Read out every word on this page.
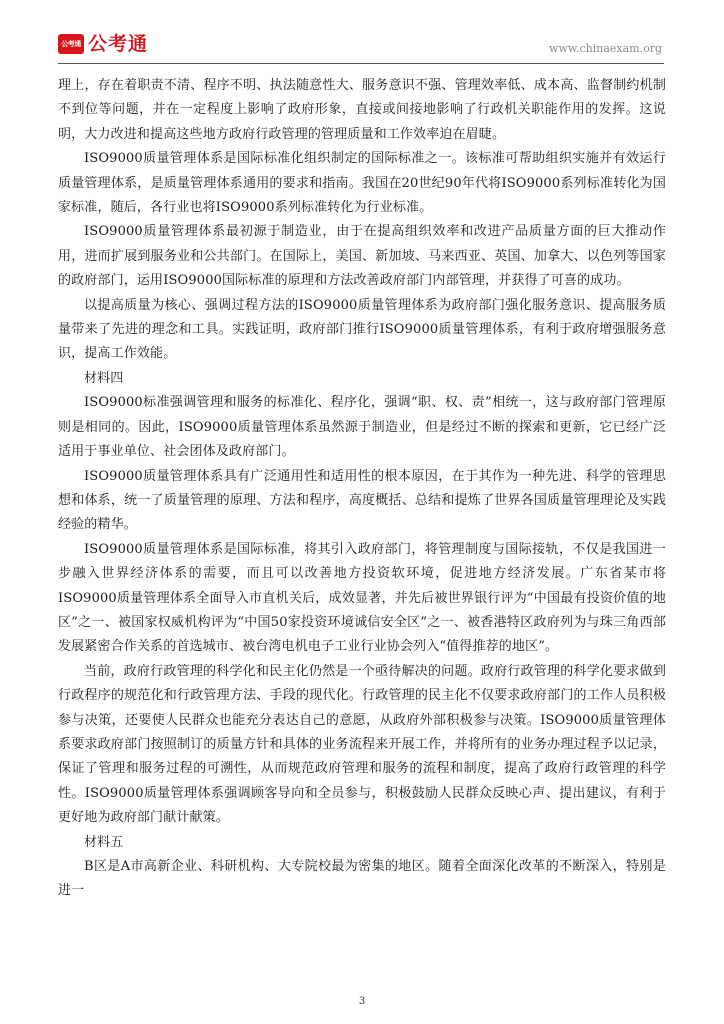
公考通 公考通	www.chinaexam.org

理上，存在着职责不清、程序不明、执法随意性大、服务意识不强、管理效率低、成本高、监督制约机制不到位等问题，并在一定程度上影响了政府形象，直接或间接地影响了行政机关职能作用的发挥。这说明，大力改进和提高这些地方政府行政管理的管理质量和工作效率迫在眉睫。

ISO9000质量管理体系是国际标准化组织制定的国际标准之一。该标准可帮助组织实施并有效运行质量管理体系，是质量管理体系通用的要求和指南。我国在20世纪90年代将ISO9000系列标准转化为国家标准，随后，各行业也将ISO9000系列标准转化为行业标准。

ISO9000质量管理体系最初源于制造业，由于在提高组织效率和改进产品质量方面的巨大推动作用，进而扩展到服务业和公共部门。在国际上，美国、新加坡、马来西亚、英国、加拿大、以色列等国家的政府部门，运用ISO9000国际标准的原理和方法改善政府部门内部管理，并获得了可喜的成功。

以提高质量为核心、强调过程方法的ISO9000质量管理体系为政府部门强化服务意识、提高服务质量带来了先进的理念和工具。实践证明，政府部门推行ISO9000质量管理体系，有利于政府增强服务意识，提高工作效能。

材料四

ISO9000标准强调管理和服务的标准化、程序化，强调“职、权、责”相统一，这与政府部门管理原则是相同的。因此，ISO9000质量管理体系虽然源于制造业，但是经过不断的探索和更新，它已经广泛适用于事业单位、社会团体及政府部门。

ISO9000质量管理体系具有广泛通用性和适用性的根本原因，在于其作为一种先进、科学的管理思想和体系，统一了质量管理的原理、方法和程序，高度概括、总结和提炼了世界各国质量管理理论及实践经验的精华。

ISO9000质量管理体系是国际标准，将其引入政府部门，将管理制度与国际接轨，不仅是我国进一步融入世界经济体系的需要，而且可以改善地方投资软环境，促进地方经济发展。广东省某市将ISO9000质量管理体系全面导入市直机关后，成效显著，并先后被世界银行评为“中国最有投资价值的地区”之一、被国家权威机构评为“中国50家投资环境诚信安全区”之一、被香港特区政府列为与珠三角西部发展紧密合作关系的首选城市、被台湾电机电子工业行业协会列入“值得推荐的地区”。

当前，政府行政管理的科学化和民主化仍然是一个亟待解决的问题。政府行政管理的科学化要求做到行政程序的规范化和行政管理方法、手段的现代化。行政管理的民主化不仅要求政府部门的工作人员积极参与决策，还要使人民群众也能充分表达自己的意愿，从政府外部积极参与决策。ISO9000质量管理体系要求政府部门按照制订的质量方针和具体的业务流程来开展工作，并将所有的业务办理过程予以记录，保证了管理和服务过程的可溯性，从而规范政府管理和服务的流程和制度，提高了政府行政管理的科学性。ISO9000质量管理体系强调顾客导向和全员参与，积极鼓励人民群众反映心声、提出建议，有利于更好地为政府部门献计献策。

材料五

B区是A市高新企业、科研机构、大专院校最为密集的地区。随着全面深化改革的不断深入，特别是进一

3
